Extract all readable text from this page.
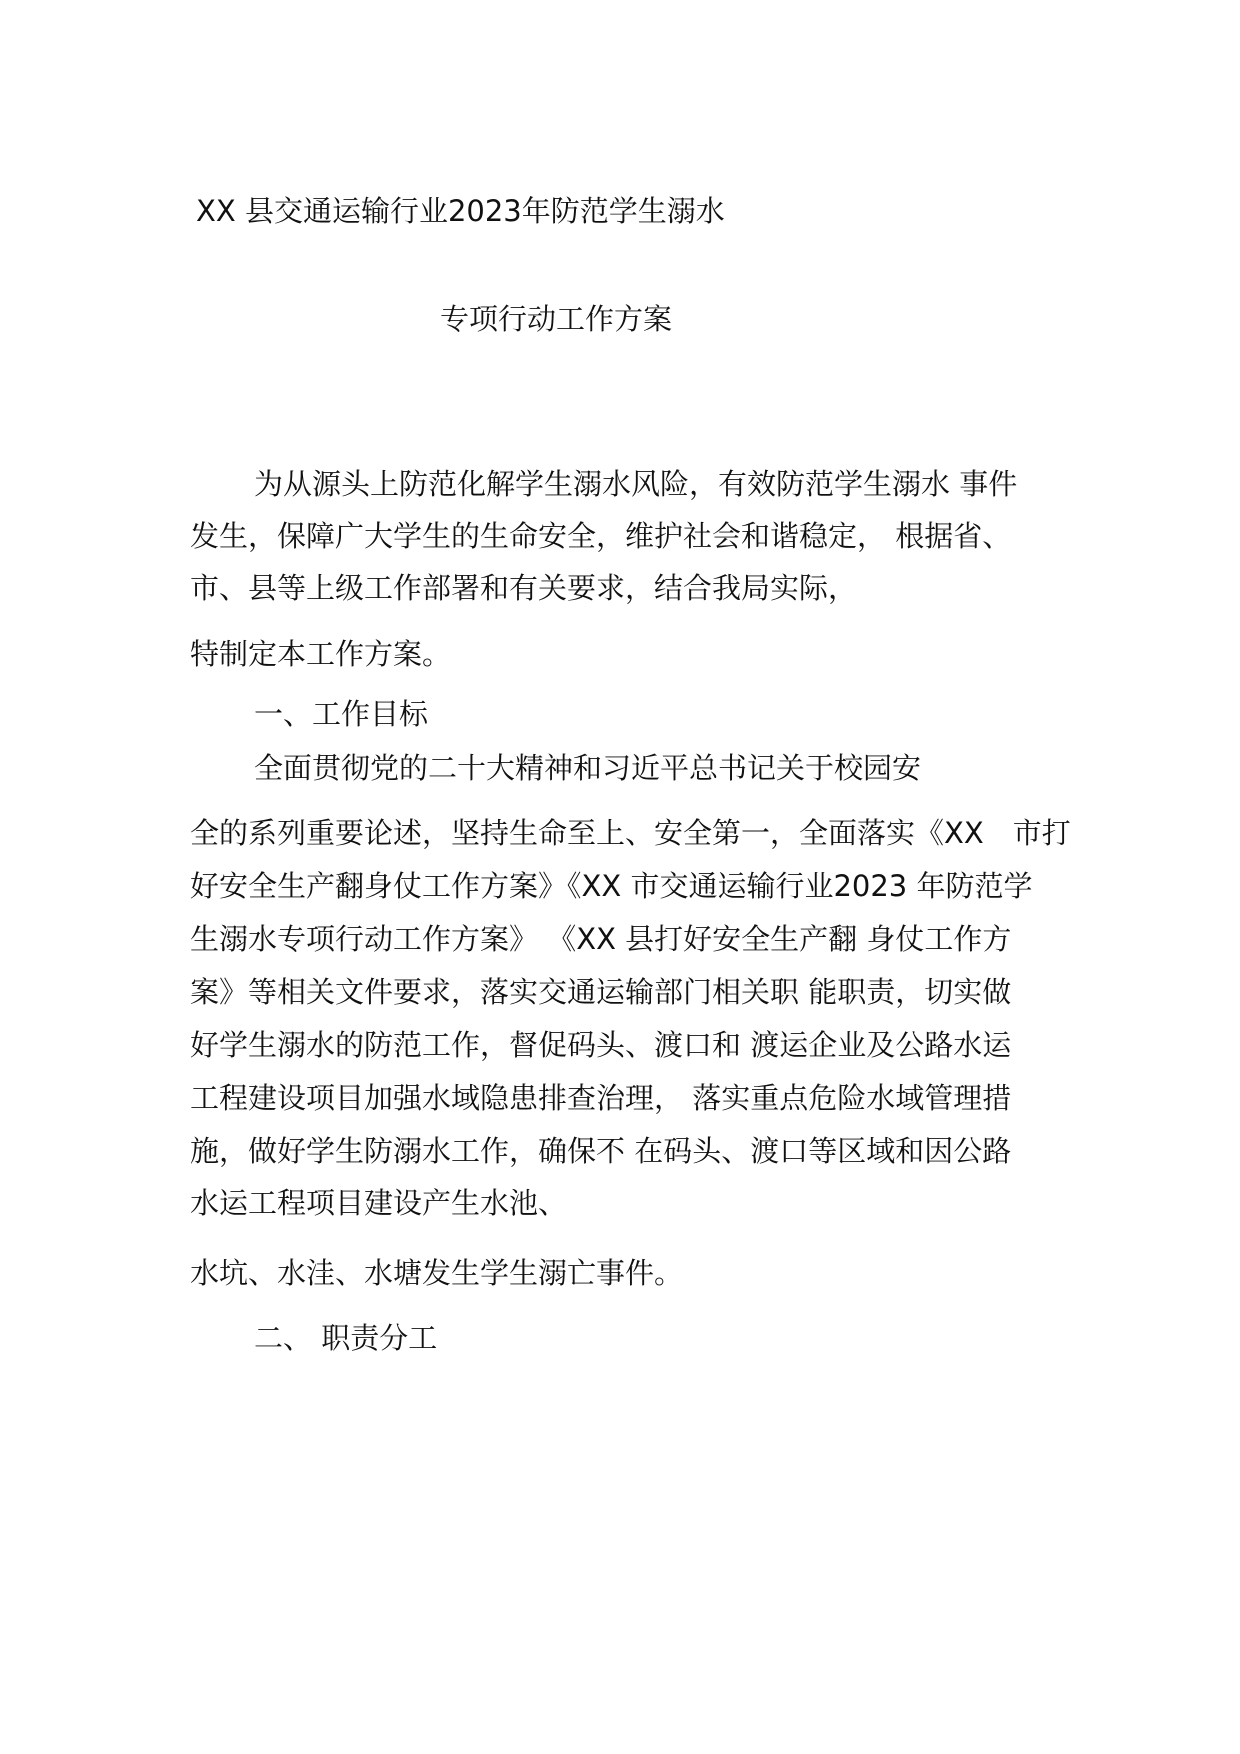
XX 县交通运输行业2023年防范学生溺水

专项行动工作方案

为从源头上防范化解学生溺水风险，有效防范学生溺水 事件

发生，保障广大学生的生命安全，维护社会和谐稳定， 根据省、

市、县等上级工作部署和有关要求，结合我局实际，

特制定本工作方案。

一、工作目标

全面贯彻党的二十大精神和习近平总书记关于校园安

全的系列重要论述，坚持生命至上、安全第一，全面落实《XX　市打

好安全生产翻身仗工作方案》《XX 市交通运输行业2023 年防范学

生溺水专项行动工作方案》 《XX 县打好安全生产翻 身仗工作方

案》等相关文件要求，落实交通运输部门相关职 能职责，切实做

好学生溺水的防范工作，督促码头、渡口和 渡运企业及公路水运

工程建设项目加强水域隐患排查治理， 落实重点危险水域管理措

施，做好学生防溺水工作，确保不 在码头、渡口等区域和因公路

水运工程项目建设产生水池、

水坑、水洼、水塘发生学生溺亡事件。

二、 职责分工
